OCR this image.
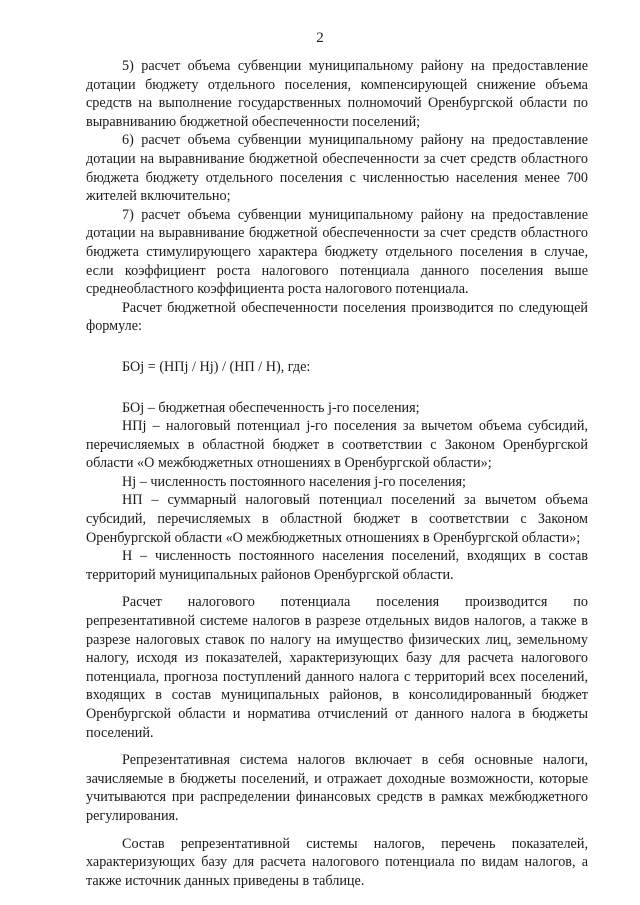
2

5) расчет объема субвенции муниципальному району на предоставление дотации бюджету отдельного поселения, компенсирующей снижение объема средств на выполнение государственных полномочий Оренбургской области по выравниванию бюджетной обеспеченности поселений;

6) расчет объема субвенции муниципальному району на предоставление дотации на выравнивание бюджетной обеспеченности за счет средств областного бюджета бюджету отдельного поселения с численностью населения менее 700 жителей включительно;

7) расчет объема субвенции муниципальному району на предоставление дотации на выравнивание бюджетной обеспеченности за счет средств областного бюджета стимулирующего характера бюджету отдельного поселения в случае, если коэффициент роста налогового потенциала данного поселения выше среднеобластного коэффициента роста налогового потенциала.

Расчет бюджетной обеспеченности поселения производится по следующей формуле:

БОj = (НПj / Нj) / (НП / Н), где:

БОj – бюджетная обеспеченность j-го поселения;

НПj – налоговый потенциал j-го поселения за вычетом объема субсидий, перечисляемых в областной бюджет в соответствии с Законом Оренбургской области «О межбюджетных отношениях в Оренбургской области»;

Нj – численность постоянного населения j-го поселения;

НП – суммарный налоговый потенциал поселений за вычетом объема субсидий, перечисляемых в областной бюджет в соответствии с Законом Оренбургской области «О межбюджетных отношениях в Оренбургской области»;

Н – численность постоянного населения поселений, входящих в состав территорий муниципальных районов Оренбургской области.

Расчет налогового потенциала поселения производится по репрезентативной системе налогов в разрезе отдельных видов налогов, а также в разрезе налоговых ставок по налогу на имущество физических лиц, земельному налогу, исходя из показателей, характеризующих базу для расчета налогового потенциала, прогноза поступлений данного налога с территорий всех поселений, входящих в состав муниципальных районов, в консолидированный бюджет Оренбургской области и норматива отчислений от данного налога в бюджеты поселений.

Репрезентативная система налогов включает в себя основные налоги, зачисляемые в бюджеты поселений, и отражает доходные возможности, которые учитываются при распределении финансовых средств в рамках межбюджетного регулирования.

Состав репрезентативной системы налогов, перечень показателей, характеризующих базу для расчета налогового потенциала по видам налогов, а также источник данных приведены в таблице.
